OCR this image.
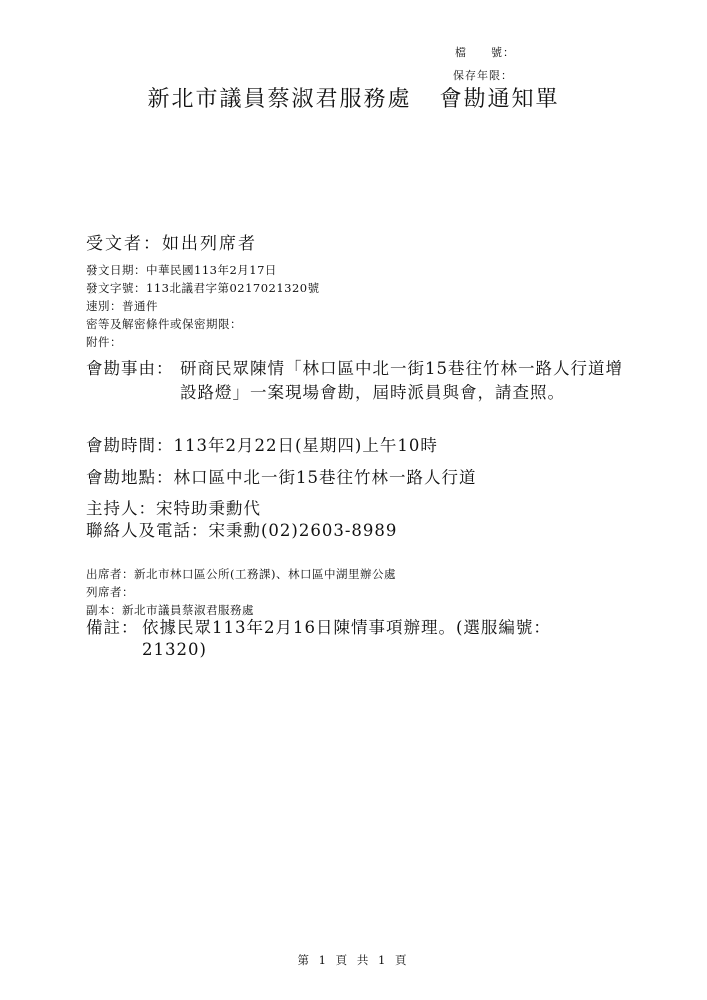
檔　　號：
保存年限：
新北市議員蔡淑君服務處 會勘通知單
受文者：如出列席者
發文日期：中華民國113年2月17日
發文字號：113北議君字第0217021320號
速別：普通件
密等及解密條件或保密期限：
附件：
會勘事由： 研商民眾陳情「林口區中北一街15巷往竹林一路人行道增設路燈」一案現場會勘，屆時派員與會，請查照。
會勘時間：113年2月22日(星期四)上午10時
會勘地點：林口區中北一街15巷往竹林一路人行道
主持人：宋特助秉勳代
聯絡人及電話：宋秉勳(02)2603-8989
出席者：新北市林口區公所(工務課)、林口區中湖里辦公處
列席者：
副本：新北市議員蔡淑君服務處
備註： 依據民眾113年2月16日陳情事項辦理。(選服編號：21320)
第 1 頁 共 1 頁
